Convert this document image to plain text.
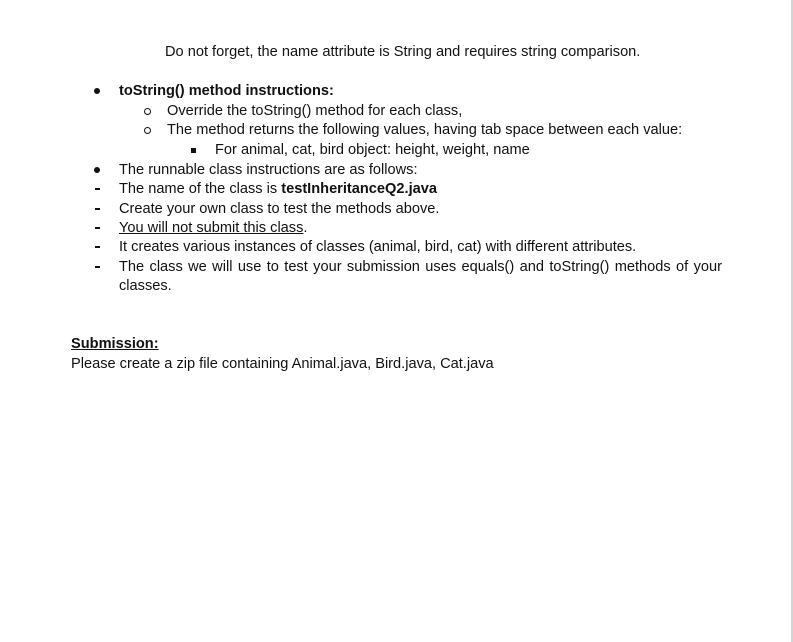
Do not forget, the name attribute is String and requires string comparison.
toString() method instructions:
Override the toString() method for each class,
The method returns the following values, having tab space between each value:
For animal, cat, bird object: height, weight, name
The runnable class instructions are as follows:
The name of the class is testInheritanceQ2.java
Create your own class to test the methods above.
You will not submit this class.
It creates various instances of classes (animal, bird, cat) with different attributes.
The class we will use to test your submission uses equals() and toString() methods of your classes.
Submission:
Please create a zip file containing Animal.java, Bird.java, Cat.java
